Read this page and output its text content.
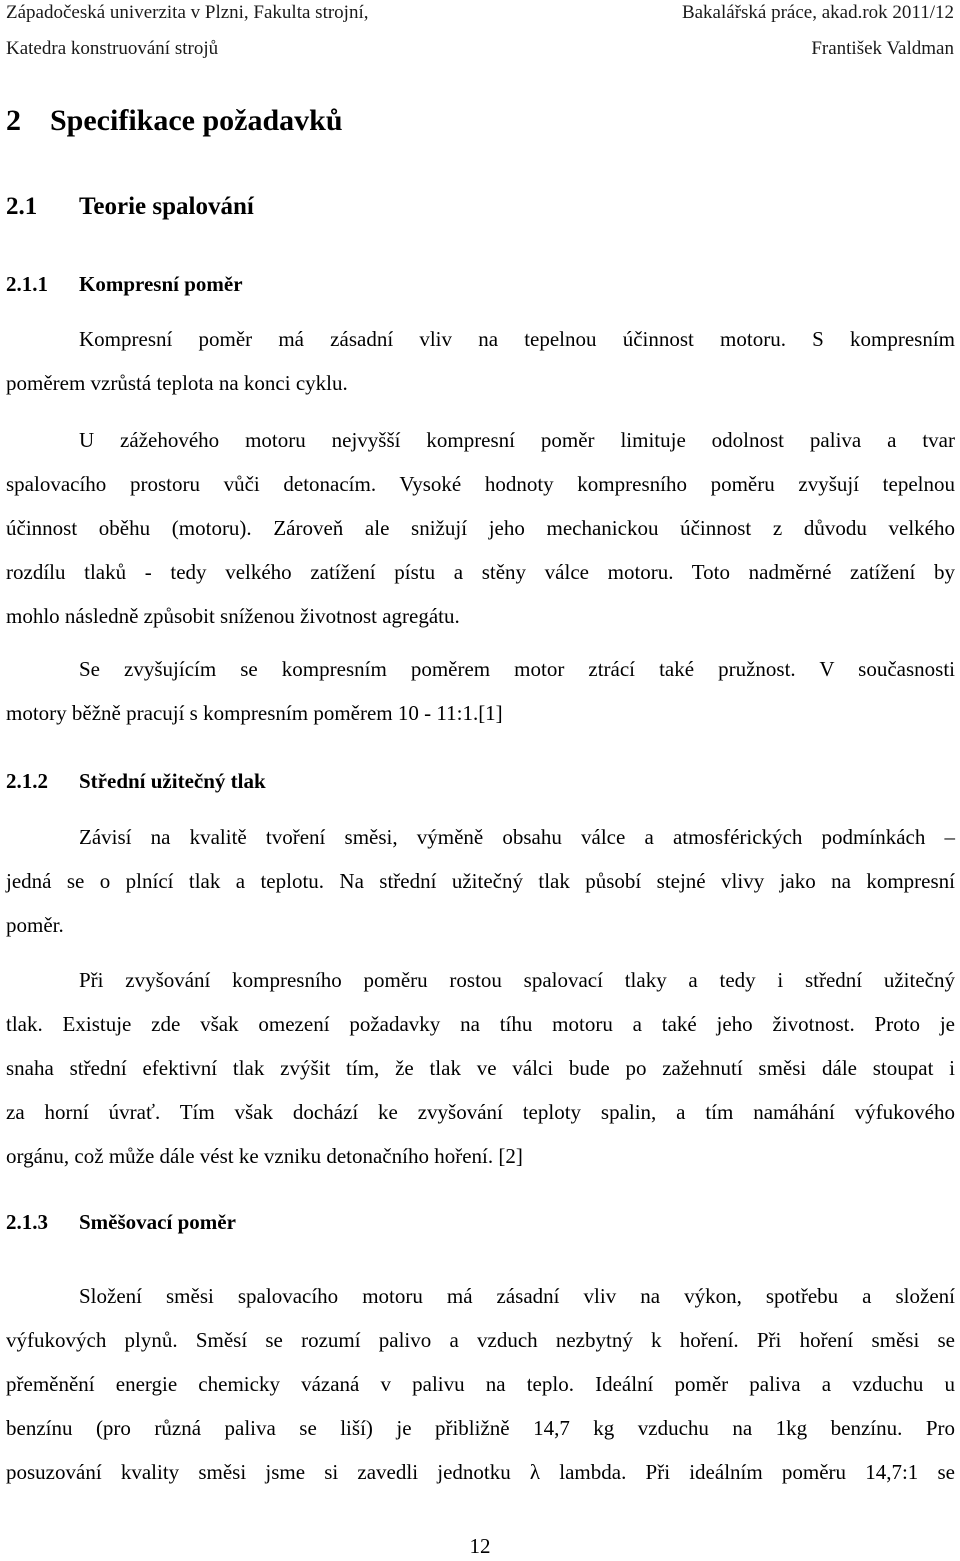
Západočeská univerzita v Plzni, Fakulta strojní,	Bakalářská práce, akad.rok 2011/12
Katedra konstruování strojů	František Valdman
2 Specifikace požadavků
2.1 Teorie spalování
2.1.1 Kompresní poměr
Kompresní poměr má zásadní vliv na tepelnou účinnost motoru. S kompresním
poměrem vzrůstá teplota na konci cyklu.
U zážehového motoru nejvyšší kompresní poměr limituje odolnost paliva a tvar
spalovacího prostoru vůči detonacím. Vysoké hodnoty kompresního poměru zvyšují tepelnou
účinnost oběhu (motoru). Zároveň ale snižují jeho mechanickou účinnost z důvodu velkého
rozdílu tlaků - tedy velkého zatížení pístu a stěny válce motoru. Toto nadměrné zatížení by
mohlo následně způsobit sníženou životnost agregátu.
Se zvyšujícím se kompresním poměrem motor ztrácí také pružnost. V současnosti
motory běžně pracují s kompresním poměrem 10 - 11:1.[1]
2.1.2 Střední užitečný tlak
Závisí na kvalitě tvoření směsi, výměně obsahu válce a atmosférických podmínkách –
jedná se o plnící tlak a teplotu. Na střední užitečný tlak působí stejné vlivy jako na kompresní
poměr.
Při zvyšování kompresního poměru rostou spalovací tlaky a tedy i střední užitečný
tlak. Existuje zde však omezení požadavky na tíhu motoru a také jeho životnost. Proto je
snaha střední efektivní tlak zvýšit tím, že tlak ve válci bude po zažehnutí směsi dále stoupat i
za horní úvrať. Tím však dochází ke zvyšování teploty spalin, a tím namáhání výfukového
orgánu, což může dále vést ke vzniku detonačního hoření. [2]
2.1.3 Směšovací poměr
Složení směsi spalovacího motoru má zásadní vliv na výkon, spotřebu a složení
výfukových plynů. Směsí se rozumí palivo a vzduch nezbytný k hoření. Při hoření směsi se
přeměnění energie chemicky vázaná v palivu na teplo. Ideální poměr paliva a vzduchu u
benzínu (pro různá paliva se liší) je přibližně 14,7 kg vzduchu na 1kg benzínu. Pro
posuzování kvality směsi jsme si zavedli jednotku λ lambda. Při ideálním poměru 14,7:1 se
12
